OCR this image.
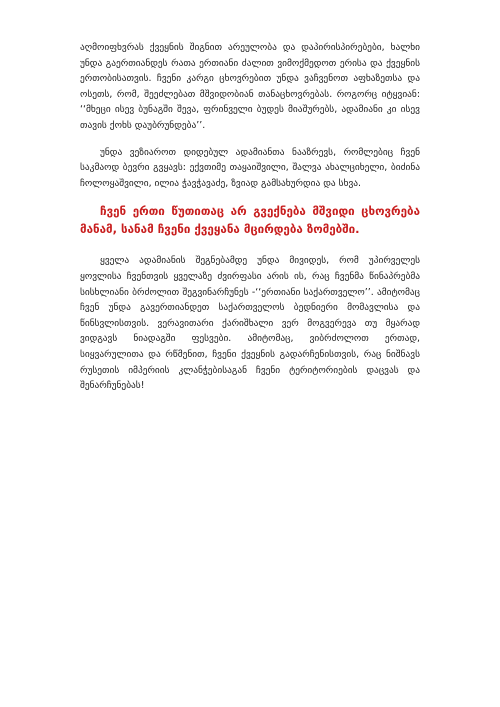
აღმოიფხვრას ქვეყნის შიგნით არეულობა და დაპირისპირებები, ხალხი უნდა გაერთიანდეს რათა ერთიანი ძალით ვიმოქმედოთ ერისა და ქვეყნის ერთობისათვის. ჩვენი კარგი ცხოვრებით უნდა ვაჩვენოთ აფხაზეთსა და ოსეთს, რომ, შეეძლებათ მშვიდობიან თანაცხოვრებას. როგორც იტყვიან: ‘‘მხეცი ისევ ბუნაგში შევა, ფრინველი ბუდეს მიაშურებს, ადამიანი კი ისევ თავის ქოხს დაუბრუნდება’’.

უნდა ვეზიაროთ დიდებულ ადამიანთა ნააზრევს, რომლებიც ჩვენ საკმაოდ ბევრი გვყავს: ექვთიმე თაყაიშვილი, შალვა ახალციხელი, ბიძინა ჩოლოყაშვილი, ილია ჭავჭავაძე, ზვიად გამსახურდია და სხვა.

ჩვენ ერთი წუთითაც არ გვექნება მშვიდი ცხოვრება მანამ, სანამ ჩვენი ქვეყანა მცირდება ზომებში.

ყველა ადამიანის შეგნებამდე უნდა მივიდეს, რომ უპირველეს ყოვლისა ჩვენთვის ყველაზე ძვირფასი არის ის, რაც ჩვენმა წინაპრებმა სისხლიანი ბრძოლით შეგვინარჩუნეს -‘‘ერთიანი საქართველო’’. ამიტომაც ჩვენ უნდა გავერთიანდეთ საქართველოს ბედნიერი მომავლისა და წინსვლისთვის. ვერავითარი ქარიშხალი ვერ მოგვერევა თუ მყარად ვიდგავს ნიადაგში ფესვები. ამიტომაც, ვიბრძოლოთ ერთად, სიყვარულითა და რწმენით, ჩვენი ქვეყნის გადარჩენისთვის, რაც ნიშნავს რუსეთის იმპერიის კლანჭებისაგან ჩვენი ტერიტორიების დაცვას და შენარჩუნებას!
